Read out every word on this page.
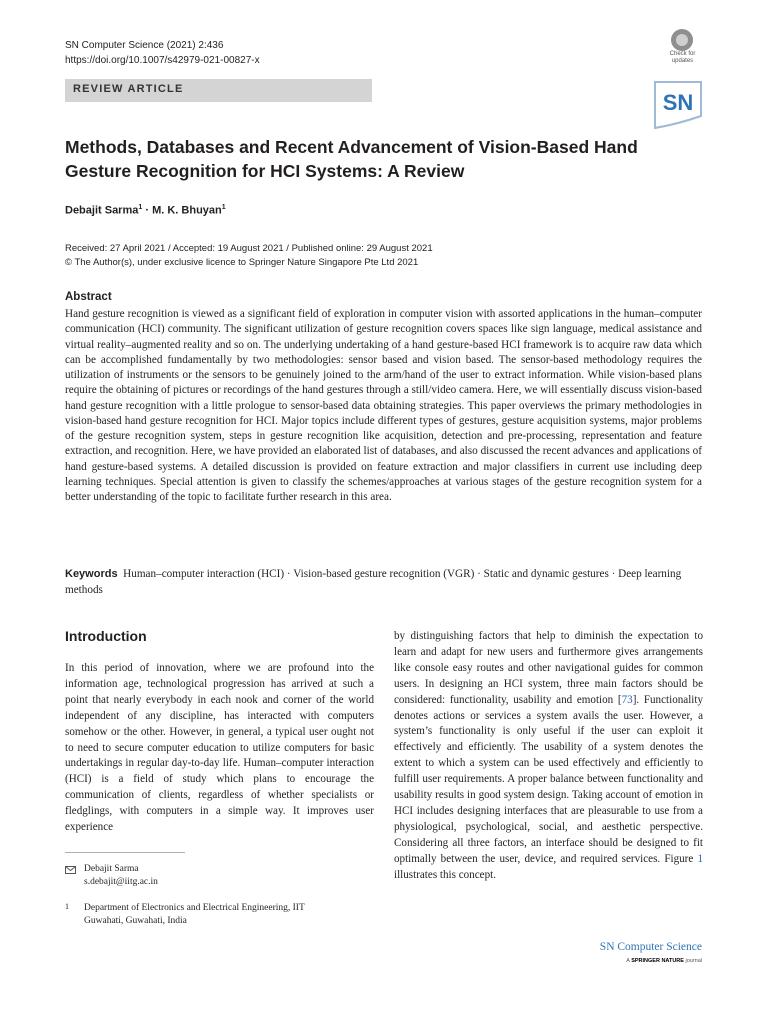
SN Computer Science (2021) 2:436
https://doi.org/10.1007/s42979-021-00827-x
REVIEW ARTICLE
Check for
updates
SN
Methods, Databases and Recent Advancement of Vision-Based Hand Gesture Recognition for HCI Systems: A Review
Debajit Sarma$^1$ · M. K. Bhuyan$^1$
Received: 27 April 2021 / Accepted: 19 August 2021 / Published online: 29 August 2021
© The Author(s), under exclusive licence to Springer Nature Singapore Pte Ltd 2021
Abstract
Hand gesture recognition is viewed as a significant field of exploration in computer vision with assorted applications in the human–computer communication (HCI) community. The significant utilization of gesture recognition covers spaces like sign language, medical assistance and virtual reality–augmented reality and so on. The underlying undertaking of a hand gesture-based HCI framework is to acquire raw data which can be accomplished fundamentally by two methodologies: sensor based and vision based. The sensor-based methodology requires the utilization of instruments or the sensors to be genuinely joined to the arm/hand of the user to extract information. While vision-based plans require the obtaining of pictures or recordings of the hand gestures through a still/video camera. Here, we will essentially discuss vision-based hand gesture recognition with a little prologue to sensor-based data obtaining strategies. This paper overviews the primary methodologies in vision-based hand gesture recognition for HCI. Major topics include different types of gestures, gesture acquisition systems, major problems of the gesture recognition system, steps in gesture recognition like acquisition, detection and pre-processing, representation and feature extraction, and recognition. Here, we have provided an elaborated list of databases, and also discussed the recent advances and applications of hand gesture-based systems. A detailed discussion is provided on feature extraction and major classifiers in current use including deep learning techniques. Special attention is given to classify the schemes/approaches at various stages of the gesture recognition system for a better understanding of the topic to facilitate further research in this area.
Keywords Human–computer interaction (HCI) · Vision-based gesture recognition (VGR) · Static and dynamic gestures · Deep learning methods
Introduction
In this period of innovation, where we are profound into the information age, technological progression has arrived at such a point that nearly everybody in each nook and corner of the world independent of any discipline, has interacted with computers somehow or the other. However, in general, a typical user ought not to need to secure computer education to utilize computers for basic undertakings in regular day-to-day life. Human–computer interaction (HCI) is a field of study which plans to encourage the communication of clients, regardless of whether specialists or fledglings, with computers in a simple way. It improves user experience
by distinguishing factors that help to diminish the expectation to learn and adapt for new users and furthermore gives arrangements like console easy routes and other navigational guides for common users. In designing an HCI system, three main factors should be considered: functionality, usability and emotion [73]. Functionality denotes actions or services a system avails the user. However, a system’s functionality is only useful if the user can exploit it effectively and efficiently. The usability of a system denotes the extent to which a system can be used effectively and efficiently to fulfill user requirements. A proper balance between functionality and usability results in good system design. Taking account of emotion in HCI includes designing interfaces that are pleasurable to use from a physiological, psychological, social, and aesthetic perspective. Considering all three factors, an interface should be designed to fit optimally between the user, device, and required services. Figure 1 illustrates this concept.
Debajit Sarma
s.debajit@iitg.ac.in
1 Department of Electronics and Electrical Engineering, IIT
Guwahati, Guwahati, India
SN Computer Science
A SPRINGER NATURE journal
